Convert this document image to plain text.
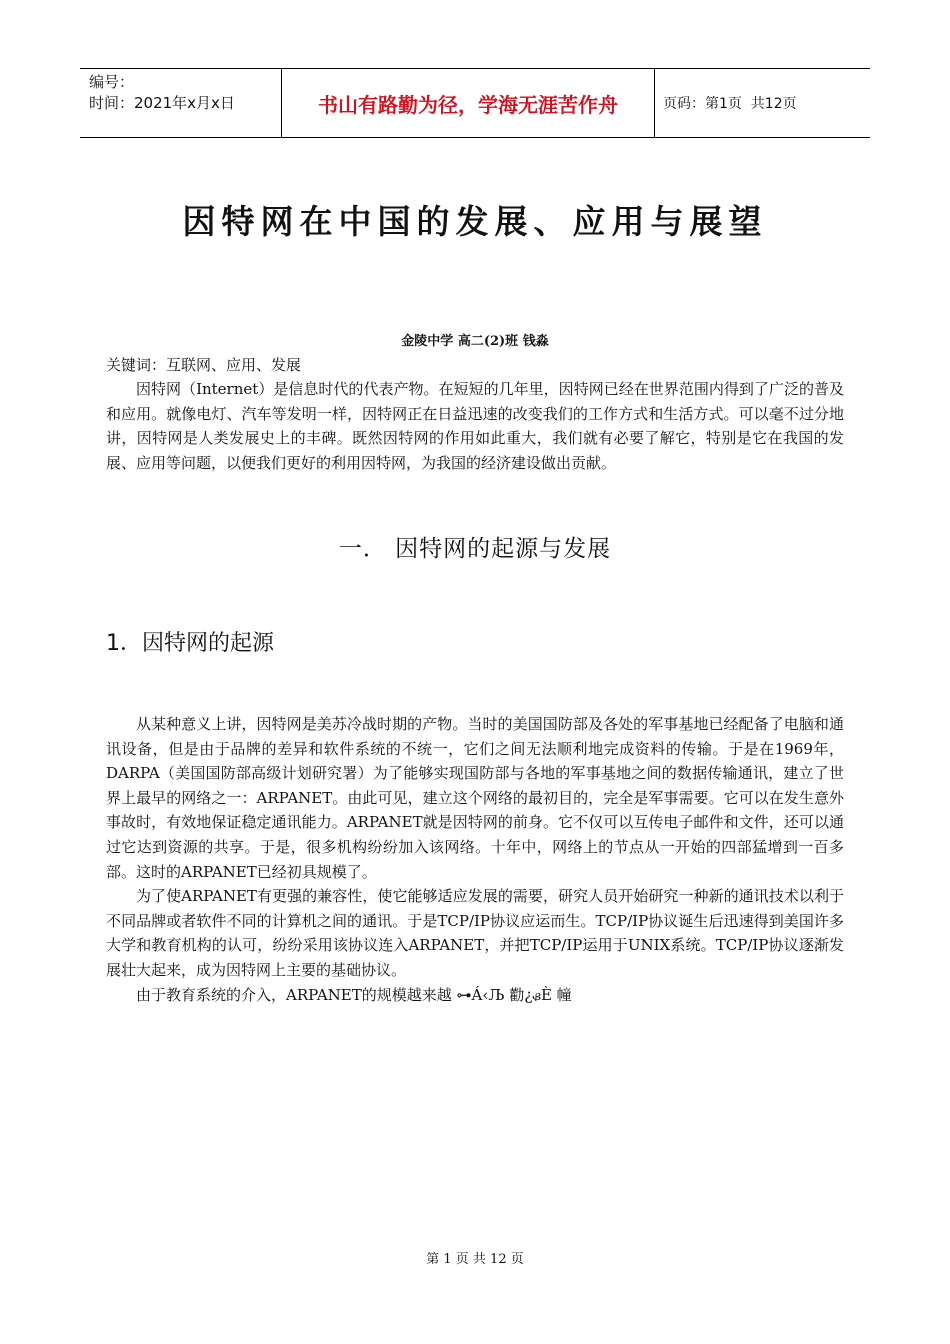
编号：
时间：2021年x月x日	书山有路勤为径，学海无涯苦作舟	页码：第1页  共12页
因特网在中国的发展、应用与展望
金陵中学 高二(2)班 钱淼

关键词：互联网、应用、发展

因特网（Internet）是信息时代的代表产物。在短短的几年里，因特网已经在世界范围内得到了广泛的普及和应用。就像电灯、汽车等发明一样，因特网正在日益迅速的改变我们的工作方式和生活方式。可以毫不过分地讲，因特网是人类发展史上的丰碑。既然因特网的作用如此重大，我们就有必要了解它，特别是它在我国的发展、应用等问题，以便我们更好的利用因特网，为我国的经济建设做出贡献。

一． 因特网的起源与发展
1．因特网的起源

从某种意义上讲，因特网是美苏冷战时期的产物。当时的美国国防部及各处的军事基地已经配备了电脑和通讯设备，但是由于品牌的差异和软件系统的不统一，它们之间无法顺利地完成资料的传输。于是在1969年，DARPA（美国国防部高级计划研究署）为了能够实现国防部与各地的军事基地之间的数据传输通讯，建立了世界上最早的网络之一：ARPANET。由此可见，建立这个网络的最初目的，完全是军事需要。它可以在发生意外事故时，有效地保证稳定通讯能力。ARPANET就是因特网的前身。它不仅可以互传电子邮件和文件，还可以通过它达到资源的共享。于是，很多机构纷纷加入该网络。十年中，网络上的节点从一开始的四部猛增到一百多部。这时的ARPANET已经初具规模了。

为了使ARPANET有更强的兼容性，使它能够适应发展的需要，研究人员开始研究一种新的通讯技术以利于不同品牌或者软件不同的计算机之间的通讯。于是TCP/IP协议应运而生。TCP/IP协议诞生后迅速得到美国许多大学和教育机构的认可，纷纷采用该协议连入ARPANET，并把TCP/IP运用于UNIX系统。TCP/IP协议逐渐发展壮大起来，成为因特网上主要的基础协议。

由于教育系统的介入，ARPANET的规模越来越 ⊶Á‹Љ 勸¿ᏸÈ 幢

第 1 页 共 12 页
